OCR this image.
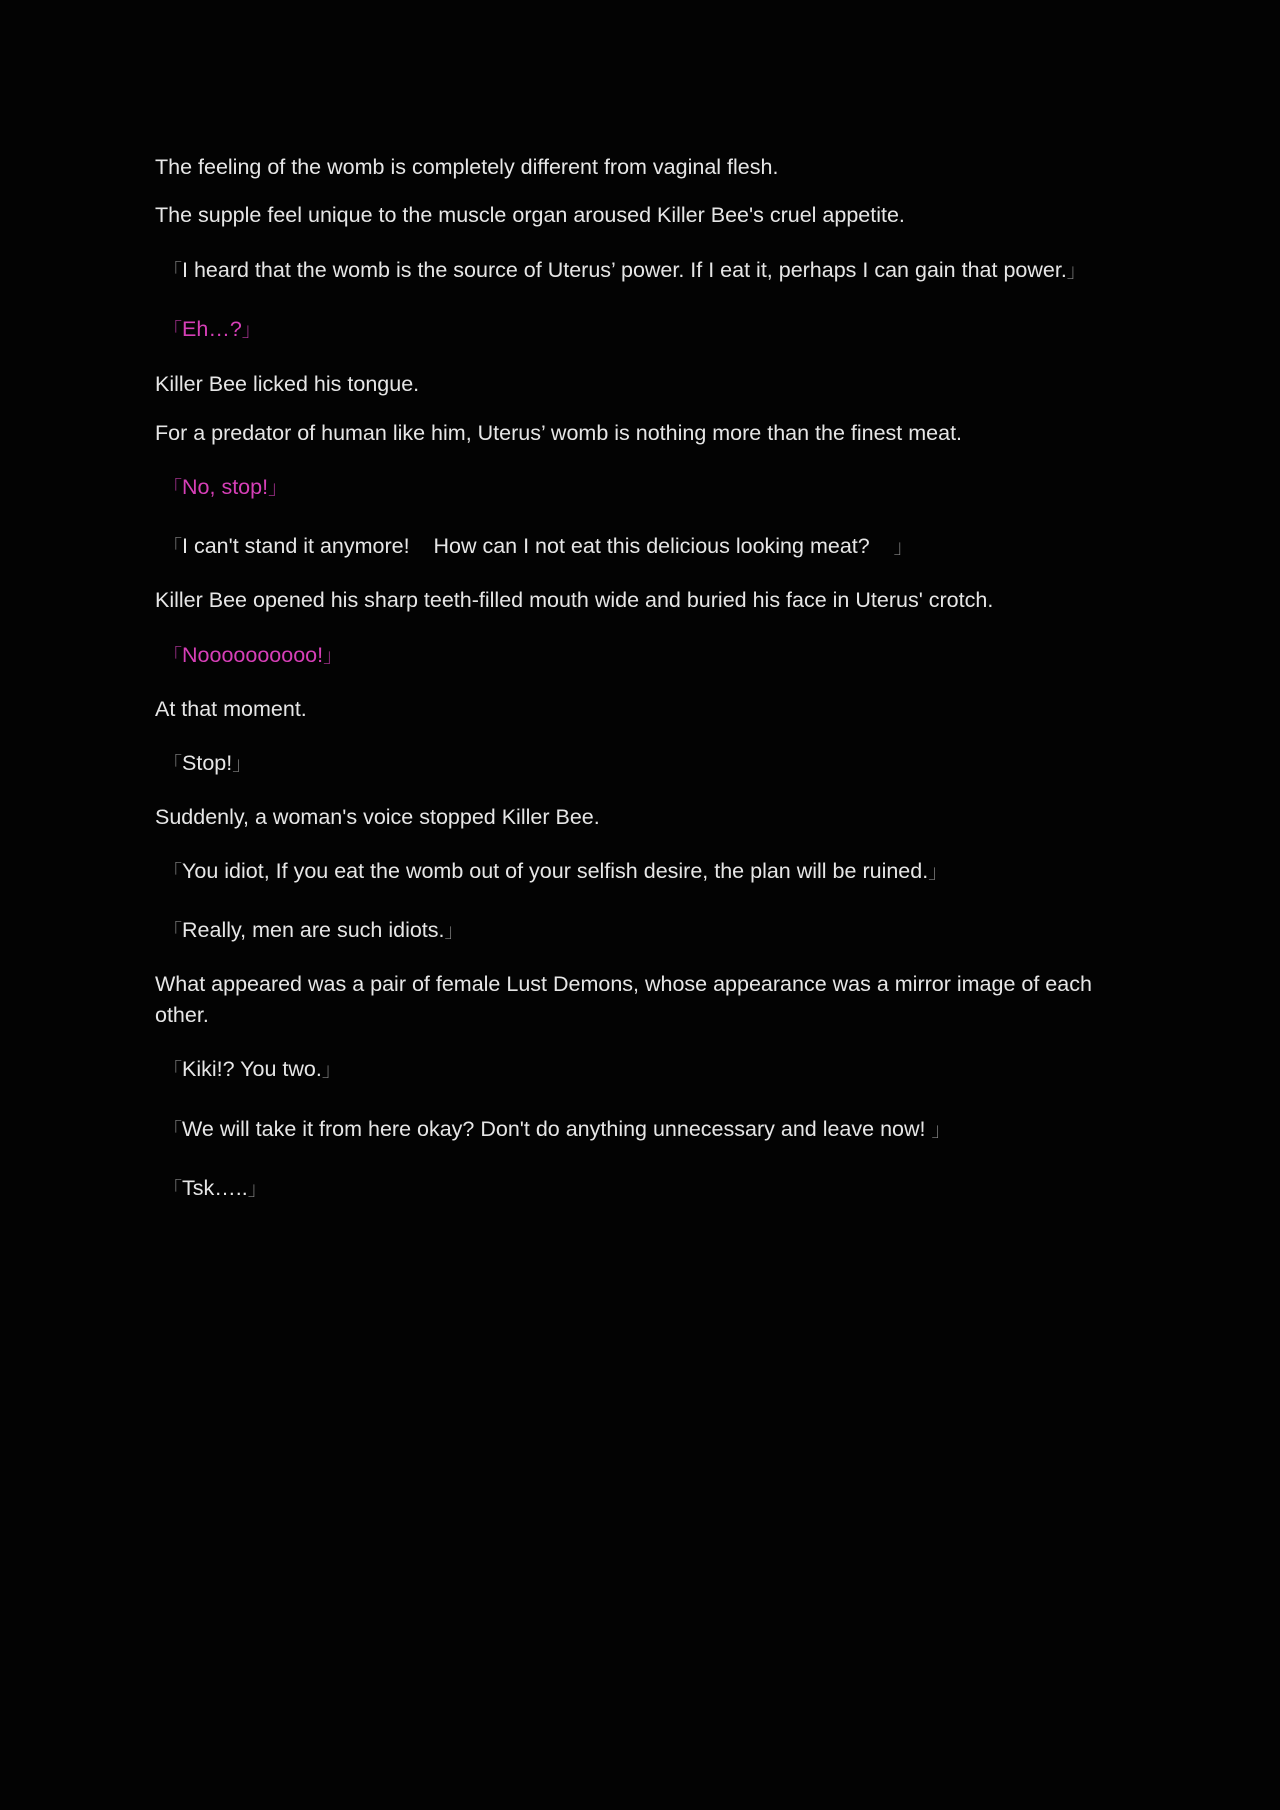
The feeling of the womb is completely different from vaginal flesh.

The supple feel unique to the muscle organ aroused Killer Bee's cruel appetite.

「I heard that the womb is the source of Uterus’ power. If I eat it, perhaps I can gain that power.」

「Eh…?」

Killer Bee licked his tongue.

For a predator of human like him, Uterus’ womb is nothing more than the finest meat.

「No, stop!」

「I can't stand it anymore!    How can I not eat this delicious looking meat?    」

Killer Bee opened his sharp teeth-filled mouth wide and buried his face in Uterus' crotch.

「Noooooooooo!」

At that moment.

「Stop!」

Suddenly, a woman's voice stopped Killer Bee.

「You idiot, If you eat the womb out of your selfish desire, the plan will be ruined.」

「Really, men are such idiots.」

What appeared was a pair of female Lust Demons, whose appearance was a mirror image of each other.

「Kiki!? You two.」

「We will take it from here okay? Don't do anything unnecessary and leave now! 」

「Tsk…..」
